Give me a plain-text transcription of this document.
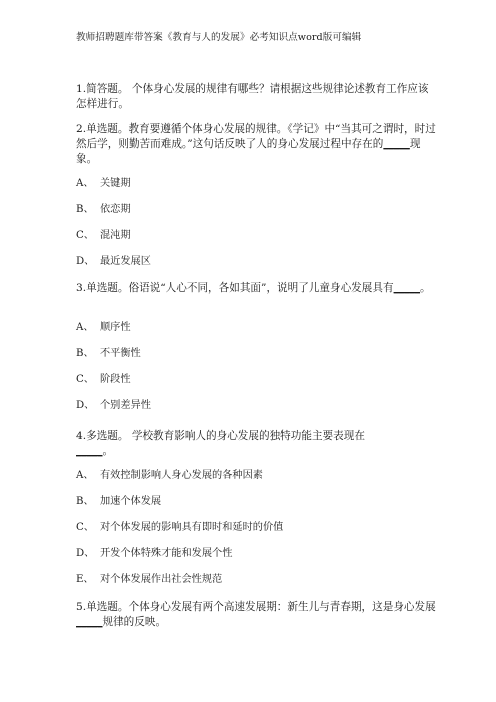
教师招聘题库带答案《教育与人的发展》必考知识点word版可编辑
1.简答题。 个体身心发展的规律有哪些？请根据这些规律论述教育工作应该怎样进行。
2.单选题。教育要遵循个体身心发展的规律。《学记》中“当其可之谓时，时过然后学，则勤苦而难成。”这句话反映了人的身心发展过程中存在的_____现象。
A、 关键期
B、 依恋期
C、 混沌期
D、 最近发展区
3.单选题。俗语说“人心不同，各如其面”，说明了儿童身心发展具有_____。
A、 顺序性
B、 不平衡性
C、 阶段性
D、 个别差异性
4.多选题。 学校教育影响人的身心发展的独特功能主要表现在
_____。
A、 有效控制影响人身心发展的各种因素
B、 加速个体发展
C、 对个体发展的影响具有即时和延时的价值
D、 开发个体特殊才能和发展个性
E、 对个体发展作出社会性规范
5.单选题。个体身心发展有两个高速发展期：新生儿与青春期，这是身心发展_____规律的反映。
